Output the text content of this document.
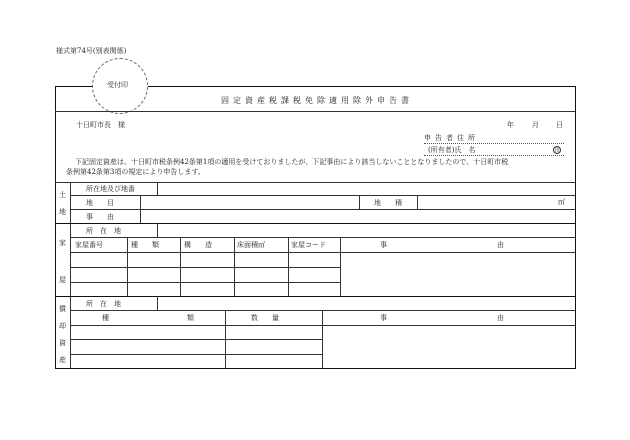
様式第74号(別表関係)
受付印
固定資産税課税免除適用除外申告書
十日町市長　様	年	月 日
申告者住所
(所有者)氏　名	印
下記固定資産は、十日町市税条例42条第1項の適用を受けておりましたが、下記事由により該当しないこととなりましたので、十日町市税
条例第42条第3項の規定により申告します。
土
地
所在地及び地番
地　　目	地　　積	㎡
事　　由
家
屋
所　在　地
家屋番号	種　　類	構　　造	床面積㎡	家屋コード	事	由
償
却
資
産
所　在　地
種	類	数　　量	事	由
